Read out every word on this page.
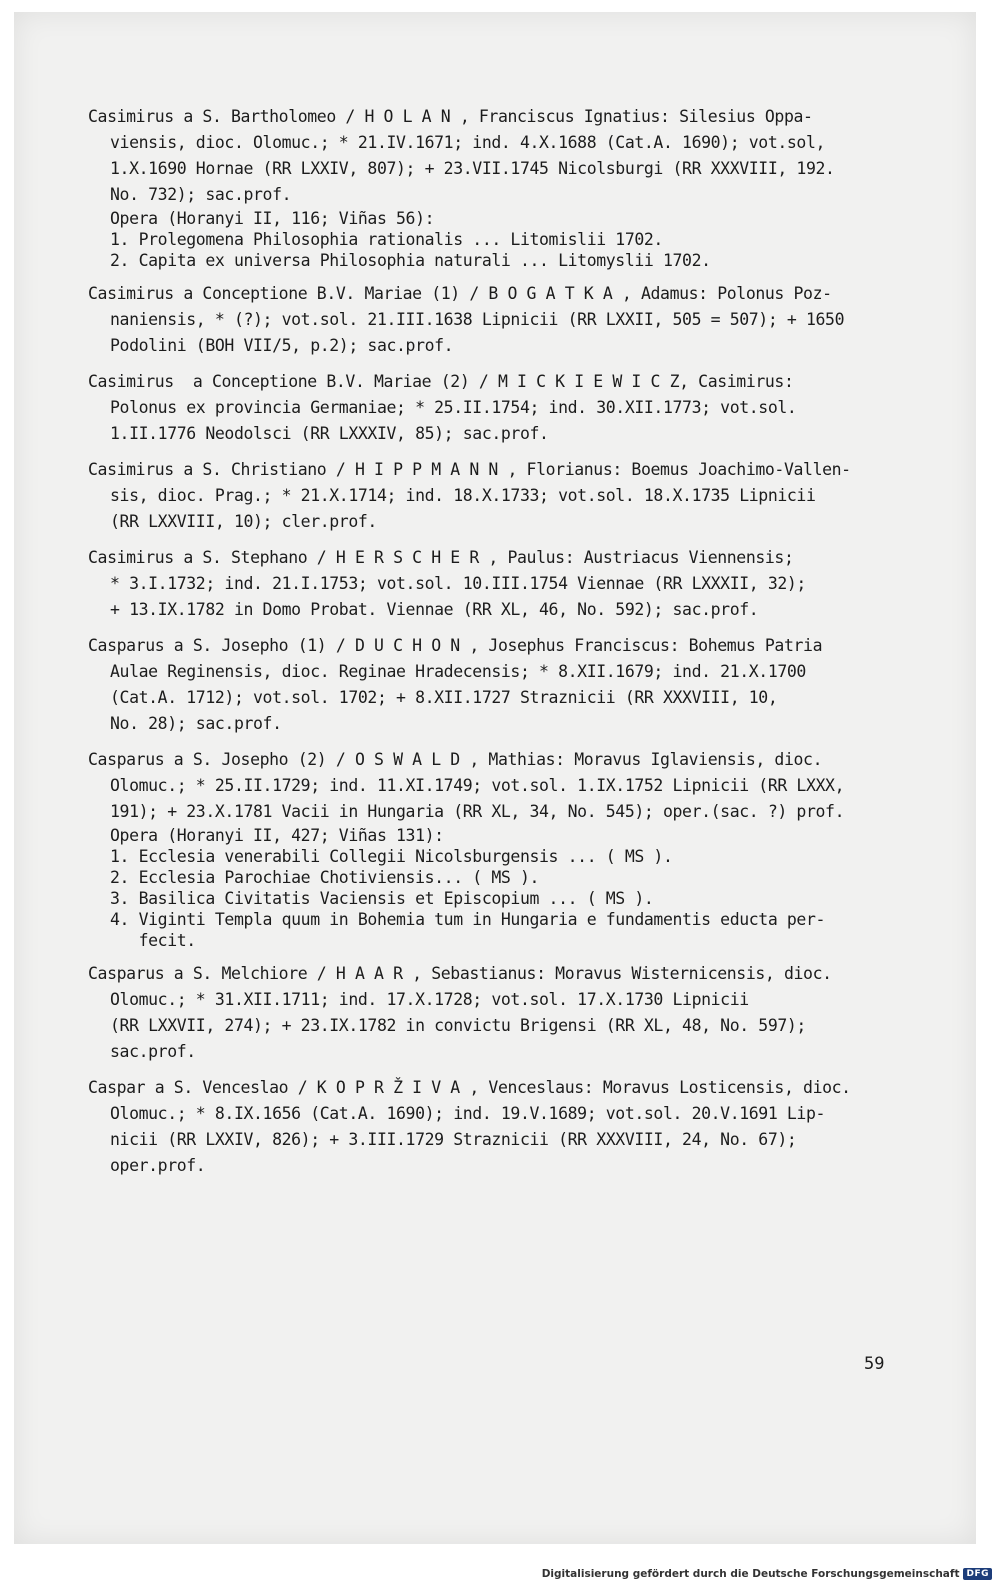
Casimirus a S. Bartholomeo / H O L A N , Franciscus Ignatius: Silesius Oppa-
viensis, dioc. Olomuc.; * 21.IV.1671; ind. 4.X.1688 (Cat.A. 1690); vot.sol,
1.X.1690 Hornae (RR LXXIV, 807); + 23.VII.1745 Nicolsburgi (RR XXXVIII, 192.
No. 732); sac.prof.
Opera (Horanyi II, 116; Viñas 56):
1. Prolegomena Philosophia rationalis ... Litomislii 1702.
2. Capita ex universa Philosophia naturali ... Litomyslii 1702.
Casimirus a Conceptione B.V. Mariae (1) / B O G A T K A , Adamus: Polonus Poz-
naniensis, * (?); vot.sol. 21.III.1638 Lipnicii (RR LXXII, 505 = 507); + 1650
Podolini (BOH VII/5, p.2); sac.prof.
Casimirus  a Conceptione B.V. Mariae (2) / M I C K I E W I C Z, Casimirus:
Polonus ex provincia Germaniae; * 25.II.1754; ind. 30.XII.1773; vot.sol.
1.II.1776 Neodolsci (RR LXXXIV, 85); sac.prof.
Casimirus a S. Christiano / H I P P M A N N , Florianus: Boemus Joachimo-Vallen-
sis, dioc. Prag.; * 21.X.1714; ind. 18.X.1733; vot.sol. 18.X.1735 Lipnicii
(RR LXXVIII, 10); cler.prof.
Casimirus a S. Stephano / H E R S C H E R , Paulus: Austriacus Viennensis;
* 3.I.1732; ind. 21.I.1753; vot.sol. 10.III.1754 Viennae (RR LXXXII, 32);
+ 13.IX.1782 in Domo Probat. Viennae (RR XL, 46, No. 592); sac.prof.
Casparus a S. Josepho (1) / D U C H O N , Josephus Franciscus: Bohemus Patria
Aulae Reginensis, dioc. Reginae Hradecensis; * 8.XII.1679; ind. 21.X.1700
(Cat.A. 1712); vot.sol. 1702; + 8.XII.1727 Straznicii (RR XXXVIII, 10,
No. 28); sac.prof.
Casparus a S. Josepho (2) / O S W A L D , Mathias: Moravus Iglaviensis, dioc.
Olomuc.; * 25.II.1729; ind. 11.XI.1749; vot.sol. 1.IX.1752 Lipnicii (RR LXXX,
191); + 23.X.1781 Vacii in Hungaria (RR XL, 34, No. 545); oper.(sac. ?) prof.
Opera (Horanyi II, 427; Viñas 131):
1. Ecclesia venerabili Collegii Nicolsburgensis ... ( MS ).
2. Ecclesia Parochiae Chotiviensis... ( MS ).
3. Basilica Civitatis Vaciensis et Episcopium ... ( MS ).
4. Viginti Templa quum in Bohemia tum in Hungaria e fundamentis educta per-
fecit.
Casparus a S. Melchiore / H A A R , Sebastianus: Moravus Wisternicensis, dioc.
Olomuc.; * 31.XII.1711; ind. 17.X.1728; vot.sol. 17.X.1730 Lipnicii
(RR LXXVII, 274); + 23.IX.1782 in convictu Brigensi (RR XL, 48, No. 597);
sac.prof.
Caspar a S. Venceslao / K O P R Ž I V A , Venceslaus: Moravus Losticensis, dioc.
Olomuc.; * 8.IX.1656 (Cat.A. 1690); ind. 19.V.1689; vot.sol. 20.V.1691 Lip-
nicii (RR LXXIV, 826); + 3.III.1729 Straznicii (RR XXXVIII, 24, No. 67);
oper.prof.
59
Digitalisierung gefördert durch die Deutsche Forschungsgemeinschaft DFG
